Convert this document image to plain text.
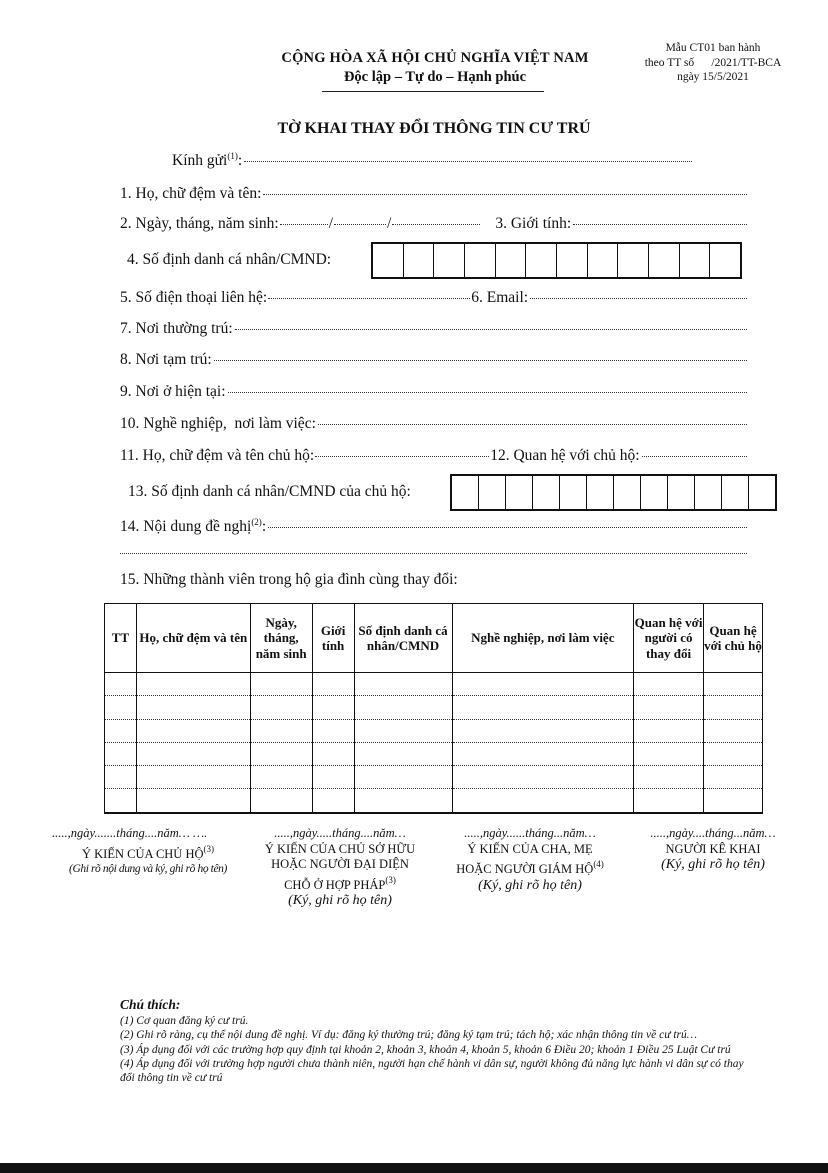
CỘNG HÒA XÃ HỘI CHỦ NGHĨA VIỆT NAM
Độc lập – Tự do – Hạnh phúc
Mẫu CT01 ban hành
theo TT số      /2021/TT-BCA
ngày 15/5/2021
TỜ KHAI THAY ĐỔI THÔNG TIN CƯ TRÚ
Kính gửi$^{(1)}$:
1. Họ, chữ đệm và tên:
2. Ngày, tháng, năm sinh:	/	/	3. Giới tính:
4. Số định danh cá nhân/CMND:
5. Số điện thoại liên hệ:	6. Email:
7. Nơi thường trú:
8. Nơi tạm trú:
9. Nơi ở hiện tại:
10. Nghề nghiệp,  nơi làm việc:
11. Họ, chữ đệm và tên chủ hộ:	12. Quan hệ với chủ hộ:
13. Số định danh cá nhân/CMND của chủ hộ:
14. Nội dung đề nghị$^{(2)}$:
15. Những thành viên trong hộ gia đình cùng thay đổi:
TT	Họ, chữ đệm và tên	Ngày, tháng, năm sinh	Giới tính	Số định danh cá nhân/CMND	Nghề nghiệp, nơi làm việc	Quan hệ với người có thay đổi	Quan hệ với chủ hộ

.....,ngày.......tháng....năm… ….
Ý KIẾN CỦA CHỦ HỘ$^{(3)}$
(Ghi rõ nội dung và ký, ghi rõ họ tên)
.....,ngày.....tháng....năm…
Ý KIẾN CỦA CHỦ SỞ HỮU
HOẶC NGƯỜI ĐẠI DIỆN
CHỖ Ở HỢP PHÁP$^{(3)}$
(Ký, ghi rõ họ tên)
.....,ngày......tháng...năm…
Ý KIẾN CỦA CHA, MẸ
HOẶC NGƯỜI GIÁM HỘ$^{(4)}$
(Ký, ghi rõ họ tên)
.....,ngày....tháng...năm…
NGƯỜI KÊ KHAI
(Ký, ghi rõ họ tên)
Chú thích:
(1) Cơ quan đăng ký cư trú.
(2) Ghi rõ ràng, cụ thể nội dung đề nghị. Ví dụ: đăng ký thường trú; đăng ký tạm trú; tách hộ; xác nhận thông tin về cư trú…
(3) Áp dụng đối với các trường hợp quy định tại khoản 2, khoản 3, khoản 4, khoản 5, khoản 6 Điều 20; khoản 1 Điều 25 Luật Cư trú
(4) Áp dụng đối với trường hợp người chưa thành niên, người hạn chế hành vi dân sự, người không đủ năng lực hành vi dân sự có thay đổi thông tin về cư trú
